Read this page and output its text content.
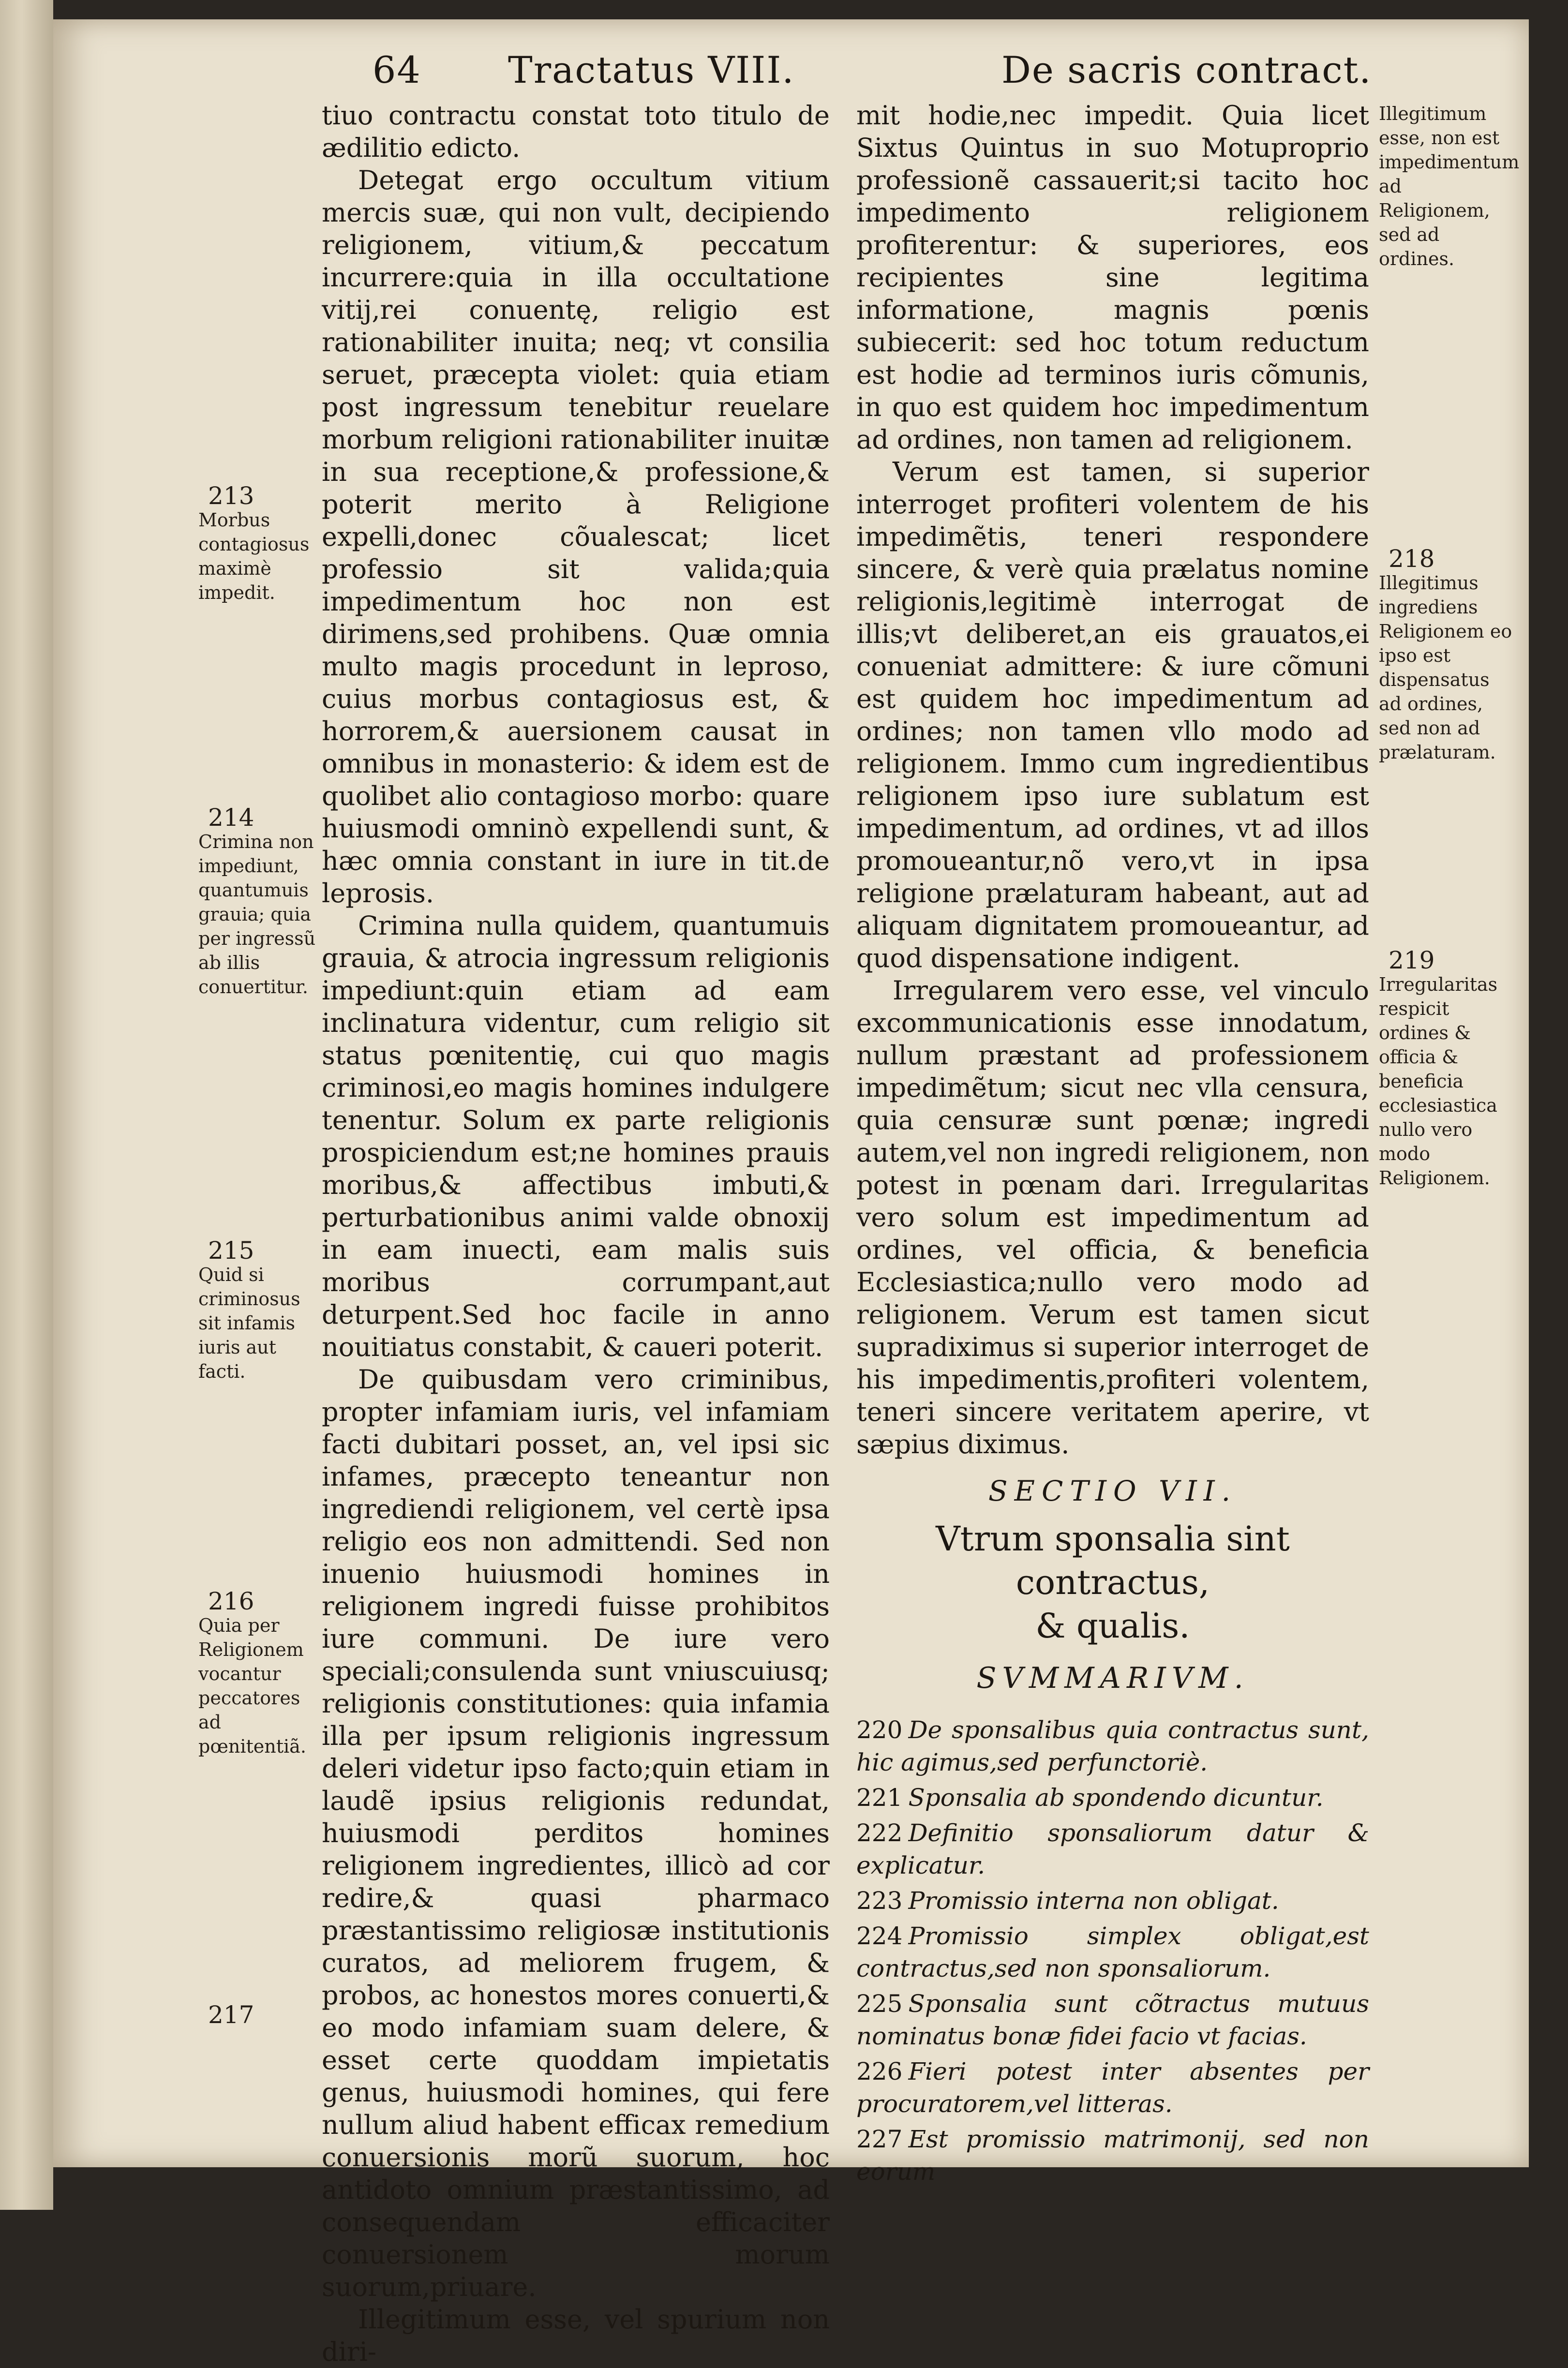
64 Tractatus VIII.	De sacris contract.
213
Morbus contagiosus maximè impedit.
214
Crimina non impediunt, quantumuis grauia; quia per ingressũ ab illis conuertitur.
215
Quid si criminosus sit infamis iuris aut facti.
216
Quia per Religionem vocantur peccatores ad pœnitentiã.
217
Illegitimum esse, non est impedimentum ad Religionem, sed ad ordines.
218
Illegitimus ingrediens Religionem eo ipso est dispensatus ad ordines, sed non ad prælaturam.
219
Irregularitas respicit ordines & officia & beneficia ecclesiastica nullo vero modo Religionem.

tiuo contractu constat toto titulo de ædilitio edicto.

Detegat ergo occultum vitium mercis suæ, qui non vult, decipiendo religionem, vitium,& peccatum incurrere:quia in illa occultatione vitij,rei conuentę, religio est rationabiliter inuita; neq; vt consilia seruet, præcepta violet: quia etiam post ingressum tenebitur reuelare morbum religioni rationabiliter inuitæ in sua receptione,& professione,& poterit merito à Religione expelli,donec cõualescat; licet professio sit valida;quia impedimentum hoc non est dirimens,sed prohibens. Quæ omnia multo magis procedunt in leproso, cuius morbus contagiosus est, & horrorem,& auersionem causat in omnibus in monasterio: & idem est de quolibet alio contagioso morbo: quare huiusmodi omninò expellendi sunt, & hæc omnia constant in iure in tit.de leprosis.

Crimina nulla quidem, quantumuis grauia, & atrocia ingressum religionis impediunt:quin etiam ad eam inclinatura videntur, cum religio sit status pœnitentię, cui quo magis criminosi,eo magis homines indulgere tenentur. Solum ex parte religionis prospiciendum est;ne homines prauis moribus,& affectibus imbuti,& perturbationibus animi valde obnoxij in eam inuecti, eam malis suis moribus corrumpant,aut deturpent.Sed hoc facile in anno nouitiatus constabit, & caueri poterit.

De quibusdam vero criminibus, propter infamiam iuris, vel infamiam facti dubitari posset, an, vel ipsi sic infames, præcepto teneantur non ingrediendi religionem, vel certè ipsa religio eos non admittendi. Sed non inuenio huiusmodi homines in religionem ingredi fuisse prohibitos iure communi. De iure vero speciali;consulenda sunt vniuscuiusq; religionis constitutiones: quia infamia illa per ipsum religionis ingressum deleri videtur ipso facto;quin etiam in laudẽ ipsius religionis redundat, huiusmodi perditos homines religionem ingredientes, illicò ad cor redire,& quasi pharmaco præstantissimo religiosæ institutionis curatos, ad meliorem frugem, & probos, ac honestos mores conuerti,& eo modo infamiam suam delere, & esset certe quoddam impietatis genus, huiusmodi homines, qui fere nullum aliud habent efficax remedium conuersionis morũ suorum, hoc antidoto omnium præstantissimo, ad consequendam efficaciter conuersionem morum suorum,priuare.

Illegitimum esse, vel spurium non diri-

mit hodie,nec impedit. Quia licet Sixtus Quintus in suo Motuproprio professionẽ cassauerit;si tacito hoc impedimento religionem profiterentur: & superiores, eos recipientes sine legitima informatione, magnis pœnis subiecerit: sed hoc totum reductum est hodie ad terminos iuris cõmunis, in quo est quidem hoc impedimentum ad ordines, non tamen ad religionem.

Verum est tamen, si superior interroget profiteri volentem de his impedimẽtis, teneri respondere sincere, & verè quia prælatus nomine religionis,legitimè interrogat de illis;vt deliberet,an eis grauatos,ei conueniat admittere: & iure cõmuni est quidem hoc impedimentum ad ordines; non tamen vllo modo ad religionem. Immo cum ingredientibus religionem ipso iure sublatum est impedimentum, ad ordines, vt ad illos promoueantur,nõ vero,vt in ipsa religione prælaturam habeant, aut ad aliquam dignitatem promoueantur, ad quod dispensatione indigent.

Irregularem vero esse, vel vinculo excommunicationis esse innodatum, nullum præstant ad professionem impedimẽtum; sicut nec vlla censura, quia censuræ sunt pœnæ; ingredi autem,vel non ingredi religionem, non potest in pœnam dari. Irregularitas vero solum est impedimentum ad ordines, vel officia, & beneficia Ecclesiastica;nullo vero modo ad religionem. Verum est tamen sicut supradiximus si superior interroget de his impedimentis,profiteri volentem, teneri sincere veritatem aperire, vt sæpius diximus.

SECTIO VII.
Vtrum sponsalia sint contractus,
& qualis.
SVMMARIVM.
220 De sponsalibus quia contractus sunt, hic agimus,sed perfunctoriè.
221 Sponsalia ab spondendo dicuntur.
222 Definitio sponsaliorum datur & explicatur.
223 Promissio interna non obligat.
224 Promissio simplex obligat,est contractus,sed non sponsaliorum.
225 Sponsalia sunt cõtractus mutuus nominatus bonæ fidei facio vt facias.
226 Fieri potest inter absentes per procuratorem,vel litteras.
227 Est promissio matrimonij, sed non eorum
